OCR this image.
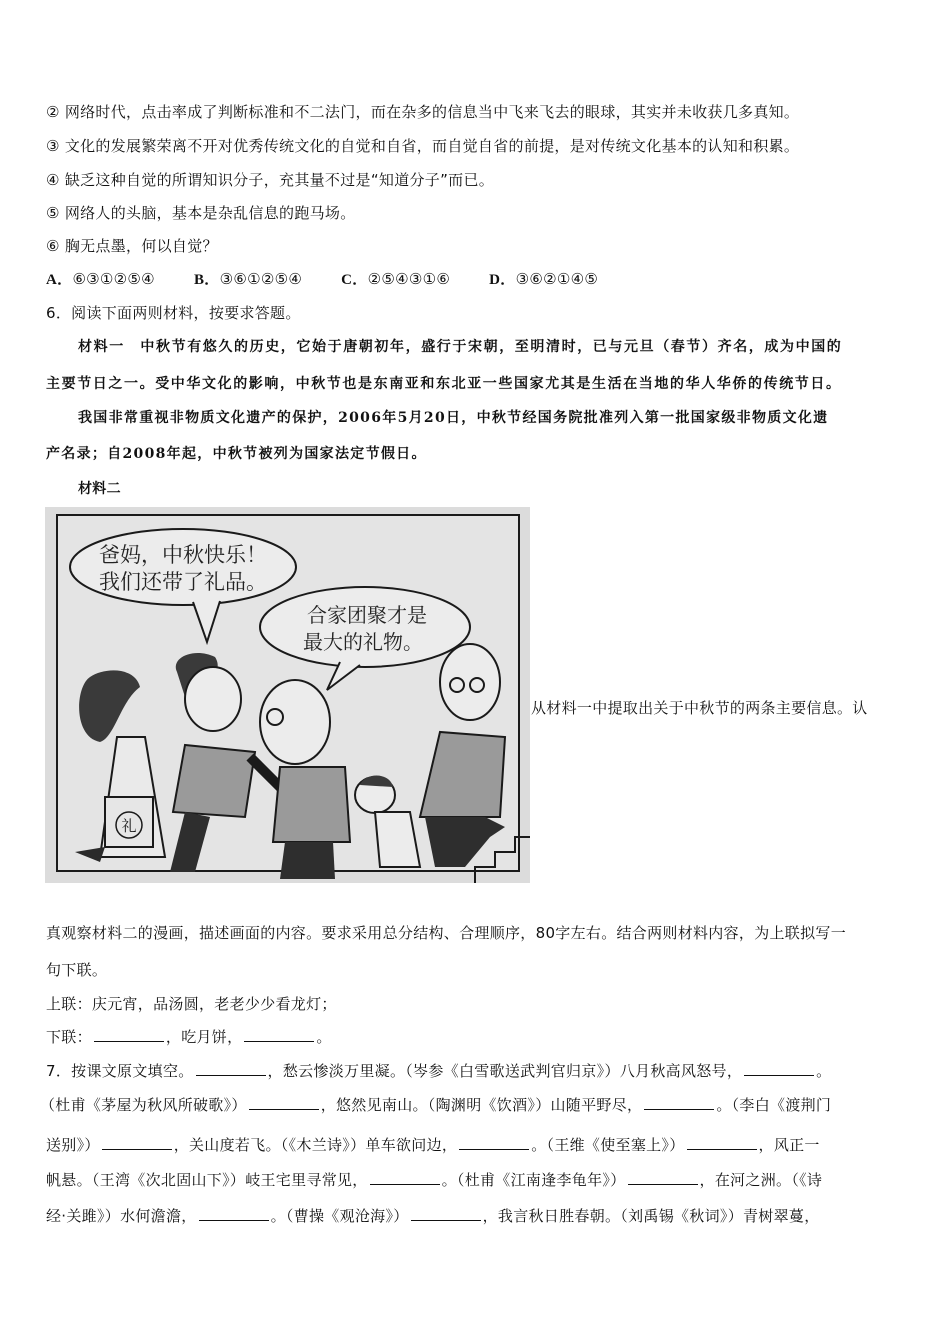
② 网络时代，点击率成了判断标准和不二法门，而在杂多的信息当中飞来飞去的眼球，其实并未收获几多真知。
③ 文化的发展繁荣离不开对优秀传统文化的自觉和自省，而自觉自省的前提，是对传统文化基本的认知和积累。
④ 缺乏这种自觉的所谓知识分子，充其量不过是“知道分子”而已。
⑤ 网络人的头脑，基本是杂乱信息的跑马场。
⑥ 胸无点墨，何以自觉？
A．⑥③①②⑤④	B．③⑥①②⑤④	C．②⑤④③①⑥	D．③⑥②①④⑤
6．阅读下面两则材料，按要求答题。
材料一　中秋节有悠久的历史，它始于唐朝初年，盛行于宋朝，至明清时，已与元旦（春节）齐名，成为中国的
主要节日之一。受中华文化的影响，中秋节也是东南亚和东北亚一些国家尤其是生活在当地的华人华侨的传统节日。
我国非常重视非物质文化遗产的保护，2006年5月20日，中秋节经国务院批准列入第一批国家级非物质文化遗
产名录；自2008年起，中秋节被列为国家法定节假日。
材料二
爸妈，中秋快乐！
我们还带了礼品。
合家团聚才是
最大的礼物。
礼
从材料一中提取出关于中秋节的两条主要信息。认
真观察材料二的漫画，描述画面的内容。要求采用总分结构、合理顺序，80字左右。结合两则材料内容，为上联拟写一
句下联。
上联：庆元宵，品汤圆，老老少少看龙灯；
下联：	，吃月饼，	。
7．按课文原文填空。	，愁云惨淡万里凝。（岑参《白雪歌送武判官归京》）八月秋高风怒号，	。
（杜甫《茅屋为秋风所破歌》）	，悠然见南山。（陶渊明《饮酒》）山随平野尽，	。（李白《渡荆门
送别》）	，关山度若飞。（《木兰诗》）单车欲问边，	。（王维《使至塞上》）	，风正一
帆悬。（王湾《次北固山下》）岐王宅里寻常见，	。（杜甫《江南逢李龟年》）	，在河之洲。（《诗
经·关雎》）水何澹澹，	。（曹操《观沧海》）	，我言秋日胜春朝。（刘禹锡《秋词》）青树翠蔓，
